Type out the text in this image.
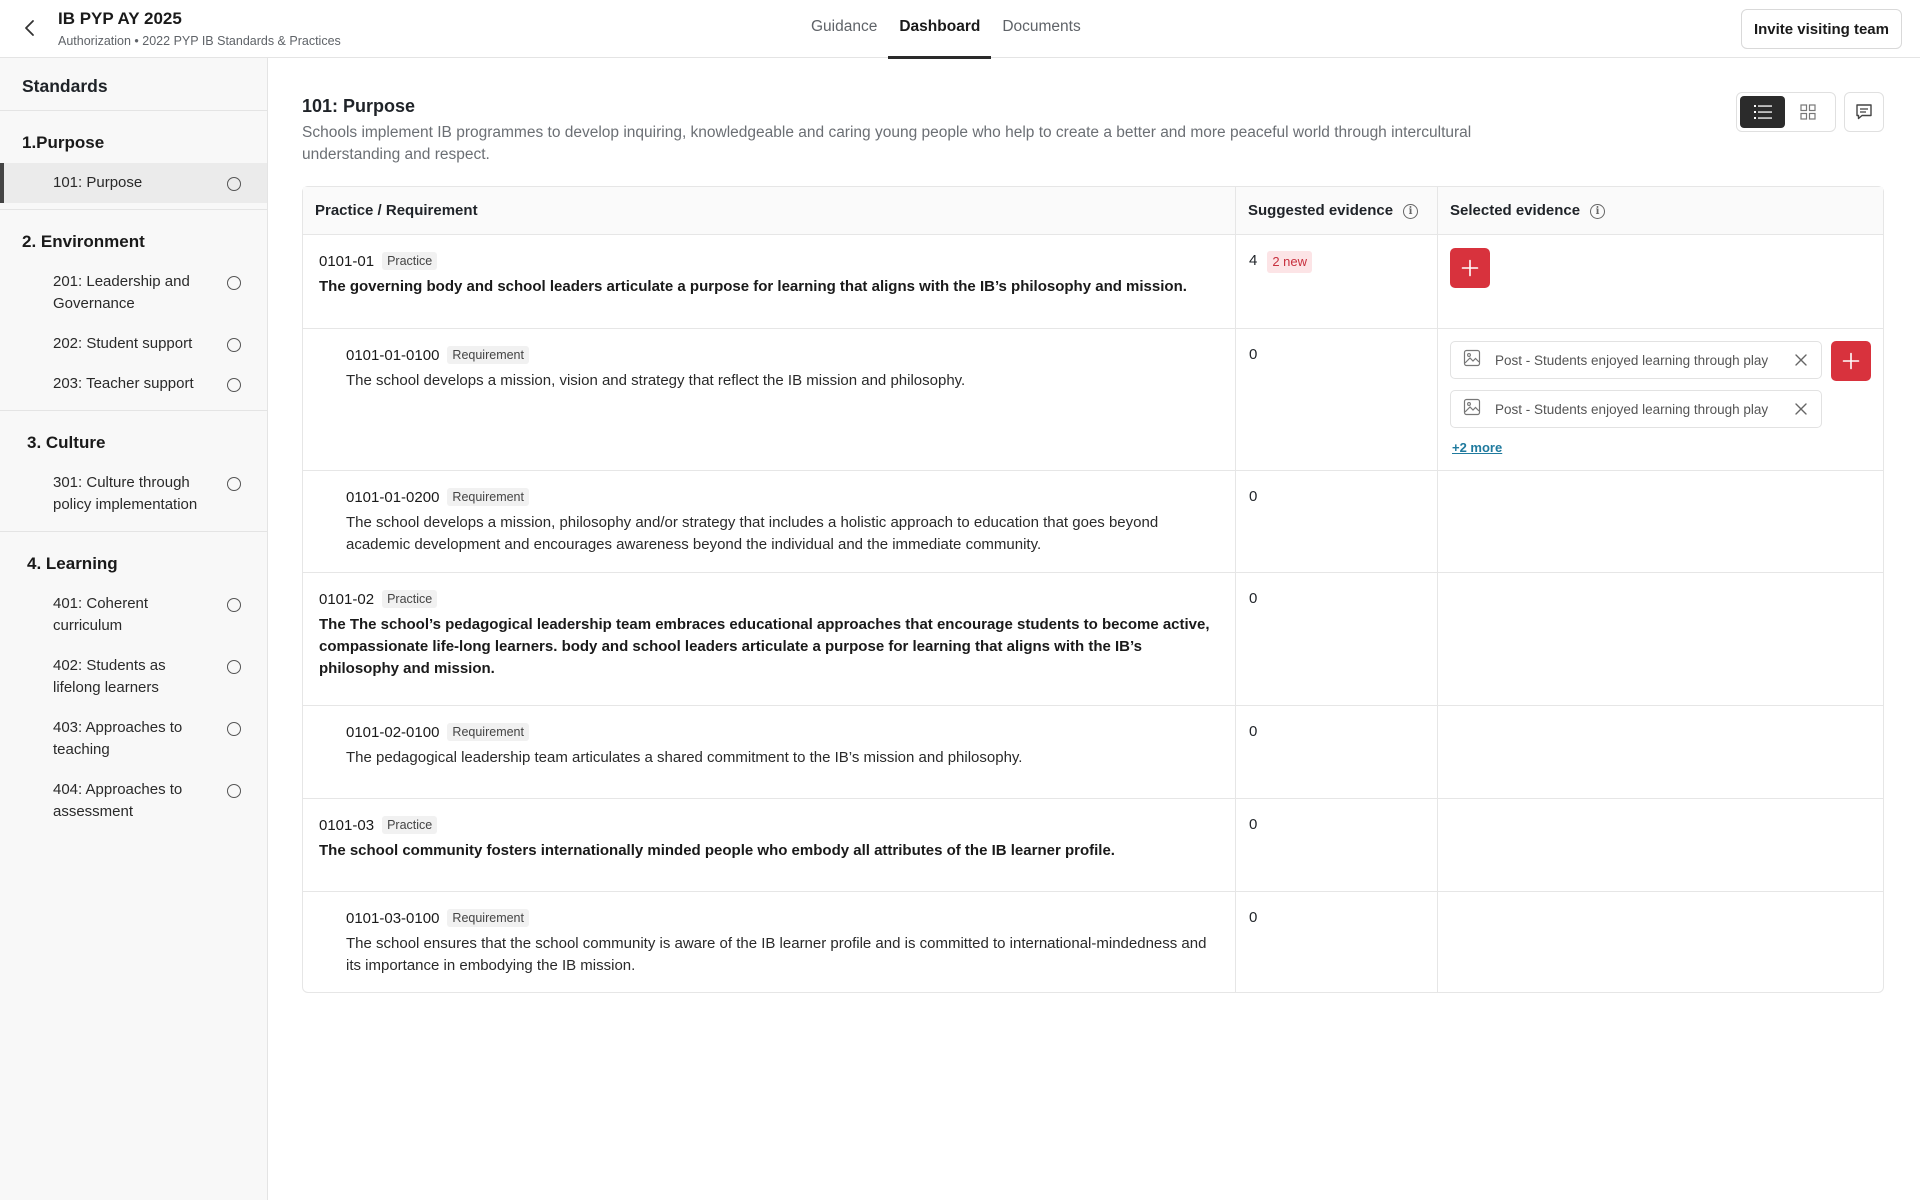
IB PYP AY 2025
Authorization • 2022 PYP IB Standards & Practices
Guidance	Dashboard	Documents	Invite visiting team
Standards
1.Purpose
101: Purpose
2. Environment
201: Leadership and Governance
202: Student support
203: Teacher support
3. Culture
301: Culture through policy implementation
4. Learning
401: Coherent curriculum
402: Students as lifelong learners
403: Approaches to teaching
404: Approaches to assessment
101: Purpose
Schools implement IB programmes to develop inquiring, knowledgeable and caring young people who help to create a better and more peaceful world through intercultural understanding and respect.
Practice / Requirement	Suggested evidence	i	Selected evidence	i
0101-01	Practice
The governing body and school leaders articulate a purpose for learning that aligns with the IB’s philosophy and mission.
4	2 new
0101-01-0100	Requirement
The school develops a mission, vision and strategy that reflect the IB mission and philosophy.
0	Post - Students enjoyed learning through play
Post - Students enjoyed learning through play
+2 more
0101-01-0200	Requirement
The school develops a mission, philosophy and/or strategy that includes a holistic approach to education that goes beyond academic development and encourages awareness beyond the individual and the immediate community.
0
0101-02	Practice
The The school’s pedagogical leadership team embraces educational approaches that encourage students to become active, compassionate life-long learners. body and school leaders articulate a purpose for learning that aligns with the IB’s philosophy and mission.
0
0101-02-0100	Requirement
The pedagogical leadership team articulates a shared commitment to the IB’s mission and philosophy.
0
0101-03	Practice
The school community fosters internationally minded people who embody all attributes of the IB learner profile.
0
0101-03-0100	Requirement
The school ensures that the school community is aware of the IB learner profile and is committed to international-mindedness and its importance in embodying the IB mission.
0
